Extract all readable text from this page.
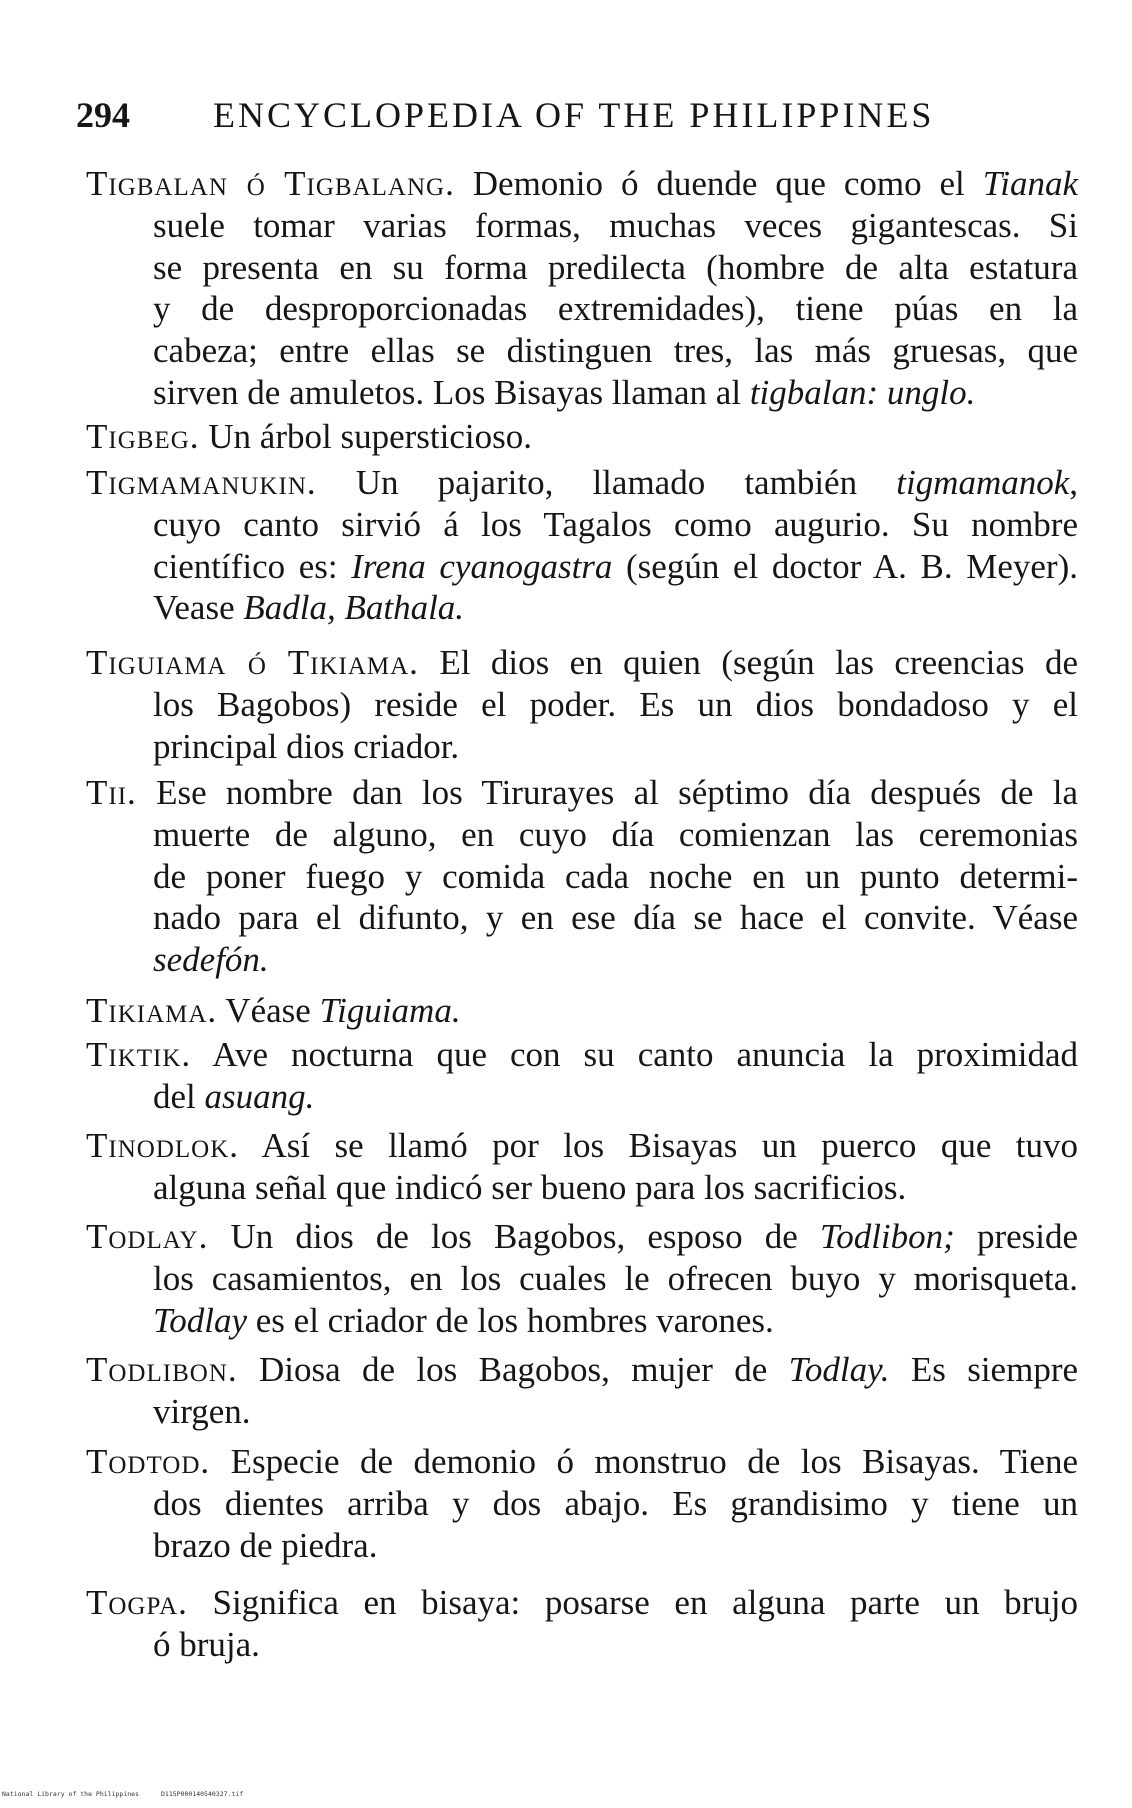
294 ENCYCLOPEDIA OF THE PHILIPPINES
Tigbalan ó Tigbalang. Demonio ó duende que como el Tianak
suele tomar varias formas, muchas veces gigantescas. Si
se presenta en su forma predilecta (hombre de alta estatura
y de desproporcionadas extremidades), tiene púas en la
cabeza; entre ellas se distinguen tres, las más gruesas, que
sirven de amuletos. Los Bisayas llaman al tigbalan: unglo.
Tigbeg. Un árbol supersticioso.
Tigmamanukin. Un pajarito, llamado también tigmamanok,
cuyo canto sirvió á los Tagalos como augurio. Su nombre
científico es: Irena cyanogastra (según el doctor A. B. Meyer).
Vease Badla, Bathala.
Tiguiama ó Tikiama. El dios en quien (según las creencias de
los Bagobos) reside el poder. Es un dios bondadoso y el
principal dios criador.
Tii. Ese nombre dan los Tirurayes al séptimo día después de la
muerte de alguno, en cuyo día comienzan las ceremonias
de poner fuego y comida cada noche en un punto determi-
nado para el difunto, y en ese día se hace el convite. Véase
sedefón.
Tikiama. Véase Tiguiama.
Tiktik. Ave nocturna que con su canto anuncia la proximidad
del asuang.
Tinodlok. Así se llamó por los Bisayas un puerco que tuvo
alguna señal que indicó ser bueno para los sacrificios.
Todlay. Un dios de los Bagobos, esposo de Todlibon; preside
los casamientos, en los cuales le ofrecen buyo y morisqueta.
Todlay es el criador de los hombres varones.
Todlibon. Diosa de los Bagobos, mujer de Todlay. Es siempre
virgen.
Todtod. Especie de demonio ó monstruo de los Bisayas. Tiene
dos dientes arriba y dos abajo. Es grandisimo y tiene un
brazo de piedra.
Togpa. Significa en bisaya: posarse en alguna parte un brujo
ó bruja.
National Library of the Philippines	D115P000140540327.tif
